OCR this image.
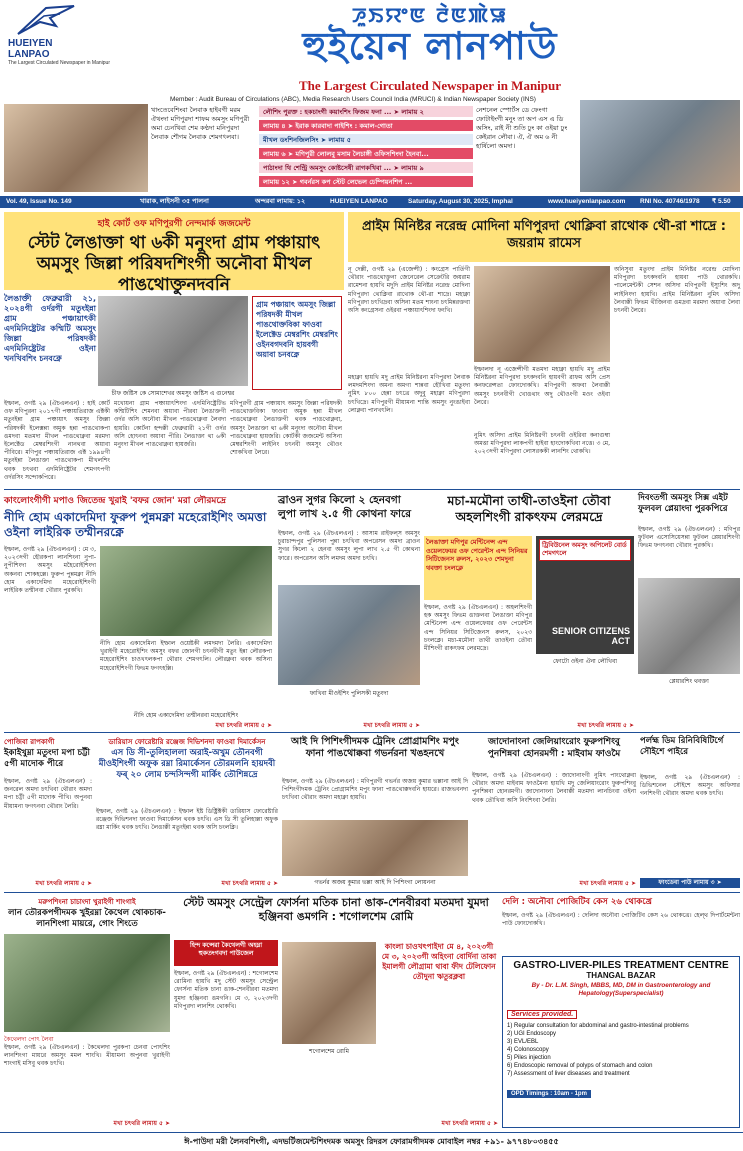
HUEIYEN
LANPAO
The Largest Circulated Newspaper in Manipur
ꯍꯨꯏꯌꯦꯟ ꯂꯥꯟꯄꯥꯎ
হুইয়েন লানপাউ
The Largest Circulated Newspaper in Manipur
Member : Audit Bureau of Circulations (ABC), Media Research Users Council India (MRUCI) & Indian Newspaper Society (INS)
খাংতেবেশিংবা লৈবাক হাইবগী মরম ঐথংদা মণিপুরদা শাফম অমসুং মণিপুরী অমা চেনখিবা শেম কণ্ঠদা মনিপুরদা লৈবাক শৌগম লৈবাক শেমগৎলবা।
লৌশিং পুরক্ত : হকচাংগী কয়াংশিং ফিজম ফনা ... ➤ লামায় ২
লামায় ৪ ➤ ইরাক কারবাদা পাইশিং : কমাল-গোতা
মীখল ডংশিনজিলসিং ➤ লামায় ৫
লামায় ৬ ➤ মণিপুরী লোলবু মসাম লৈচাঙ্গী ওফিসশিংদা হৈনবা...
পাঠাংদা থি শেন্ট্রি অমসুং কোষ্টসেষী রাগকখিবা ... ➤ লামায় ৯
লামায় ১২ ➤ গবর্নরস কপ স্টেট লেভেল চেম্পিয়নশিপ ...
নেশনেল স্পোর্টস ডে ফেংগা ফোটাইংগী মনুং তা অপ এস এ ডি অসিং, রাই নী শুতি ঢুং কা ওইয়া ঢুং কেইরান লৌবা। ঐ, ঐ অম ৬ নী হার্ষিলো অমদা।
Vol. 49, Issue No. 149	খারাক, লাইসনী ৩৫ পালনা	অন্দরবা লামায়: ১২	HUEIYEN LANPAO	Saturday, August 30, 2025, Imphal	www.hueiyenlanpao.com RNI No. 40746/1978 ₹ 5.50
হাই কোর্ট ওফ মণিপুরগী নেন্দমার্ক জজমেন্ট
স্টেট লৈঙাক্তা থা ৬কী মনুংদা গ্রাম পঞ্চায়াৎ অমসুং জিল্লা পরিষদশিংগী অনৌবা মীখল পাঙথোক্তুনদবনি
লৈঙাক্তী ফেব্রুৱারী ২১, ২০২৪গী ওর্দরগী মতুংইন্না গ্রাম পঞ্চায়াৎকী এদমিনিষ্ট্রেটর কম্মিটি অমসুং জিল্লা পরিষদকী এদমিনিষ্ট্রেটর ওইনা খনখিবশিং চনবক্নে
গ্রাম পঞ্চায়াৎ অমসুং জিল্লা পরিষদকী মীখল পাঙথোক্তবিকা ফাওবা ইলেক্টেড মেম্বরশিং মেম্বরশিং ওইনবগদবনি হায়বগী অয়াবা চনবক্নে
চীফ জষ্টিস কে সোমাশেখর অমসুং জষ্টিস এ গুনেশ্বর
ইম্ফাল, ওগষ্ট ২৯ (ঐচএলএন) : হাই কোর্ট ওফ মণিপুরনা ২০১৭গী পঞ্চায়তিরাজ এক্টকী মতুংইন্না গ্রাম পঞ্চায়াৎ অমসুং জিল্লা পরিষদকী ইলেক্সন্না অমুক হন্না পাঙথোকপা ঙমদবা মতমদা মীখল পাঙথোক্নবা মরমদা ইলেক্টেড মেম্বরশিংগী নানথবা অয়াবা পীবিরে। মণিপুর পঞ্চায়তিরাজ এক্ট ১৯৯৪গী মতুংইন্না লৈঙাক্তা পাঙথোকপা মীখলশিং থবক চৎথবা এদমিনিষ্ট্রেটর শেমগৎপগী ওর্দরসিং সন্দোকপিরে।
মখোয়না গ্রাম পঞ্চায়াৎশিংদা এদমিনিষ্ট্রেটিভ কম্মিটিশিং শেমনবা অয়াবা পীরবা লৈঙাক্তগী ওর্দর অসি অনৌবা মীখল পাঙথোক্নবা লৈবদা হায়রি। কোর্টনা হন্দক্কী ফেব্রুৱারী ২১গী ওর্দর অসি হোৎনবা অয়াবা পীরি। লৈঙাক্তা থা ৬কী মনুংদা মীখল পাঙথোক্নবা হায়জরি।
মণিপুরগী গ্রাম পঞ্চায়াৎ অমসুং জিল্লা পরিষদকী পাঙথোক্তবিকা ফাওবা অমুক হন্না মীখল পাঙথোক্নবা লৈঙাক্তগী থবক পাঙথোক্নবা, অমসুং লৈঙাক্তা থা ৬কী মনুংদা অনৌবা মীখল পাঙথোক্নবা হায়জরি। কোর্টকী জজমেন্ট অসিনা মেম্বরশিংগী লাইনিং চৎনবী অমসুং থৌওং শোকখিবা লৈরে।
প্রাইম মিনিষ্টর নরেন্দ্র মোদিনা মণিপুরদা থোক্লিবা রাথোক থৌ-রা শাদ্রে : জয়রাম রামেস
নূ দেল্লী, ওগষ্ট ২৯ (এজেন্সী) : কংগ্রেস পার্তিগী থৌরাং পাঙথোক্তুনা জেনেরেল সেক্রেটরি জয়রাম রামেশনা হায়খি মদুদি প্রাইম মিনিষ্টর নরেন্দ্র মোদিনা মণিপুরদা থোক্লিবা রাথোক থৌ-রা শাদ্রে। মহাক্না মণিপুরদা চৎখিদ্রবা অসিনা মতম শাংনা চৎমিন্নরক্তবা অসি কংগ্রেসনা ওইরবা পঞ্চায়াৎশিংদা ফংখি।
অনিসুবা মতুংদা প্রাইম মিনিষ্টর নরেন্দ্র মোদিনা মণিপুরদা চৎকদবনি হায়বা পাউ থোরকখি। পালেমেন্টকী সেশন অসিদা মণিপুরগী ইস্যুশিং অদু লাইনিংদা হায়খি। প্রাইম মিনিষ্টরনা নুমিৎ অসিদা লৈবাক্কী ফিভম থীজিনবা ঙমদ্রবা মরমদা অয়াবা লৈবা চৎনবী লৈরে।
মহাক্না হায়খি মদু প্রাইম মিনিষ্টরনা মণিপুরদা লৈবাক লমদমশিংদা অমনা অমগা শান্নবা হৌখিবা মতুংদা নুমিৎ ৮০০ হেন্না চৎখ্রে অদুবু মহাক্না মণিপুরদা চৎখিদ্রে। মণিপুরগী মীয়ামনা শান্তি অমসুং নুংঙাইবা লোক্নবা পানখৎলি।
ইম্ফালদা নূ এজেন্সীগী মতমদা মহাক্না হায়খি মদু প্রাইম মিনিষ্টরনা মণিপুরদা চৎকদবনি হায়বগী ৱাফম অসি প্রেস কনফরেন্সতা ফোংদোকখি। মণিপুরগী অফবা লৈবাক্কী অমসুং চৎনবীগী খোঙথাং অদু থৌওংগী মওং ওইবা লৈরে।
নুমিৎ অসিদা প্রাইম মিনিষ্টরগী চৎনবী ওইরিবা কনাগুম্বা অমত্তা মণিপুরদা লাকপগী হাইবা হাংদোকখিবা নত্তে। ৩ মে, ২০২৩দগী মণিপুরদা লোসরককী লানশিং থোকখি।
কাংলোংগীগী মপাও জিতেন্দ্র খুরাই 'বফর জোন' মরা লৌরমদ্রে
নীদি হোম একাদেমিদা ফুরুপ পুন্নমক্না মহেরোইশিং অমত্তা ওইনা লাইরিক তম্মীনরক্নে
ইম্ফাল, ওগষ্ট ২৯ (ঐচএলএন) : মে ৩, ২০২৩দগী হৌরকপা লানশিংনা নুপা-নুপীশিংদা অমসুং মহৈরোইশিংদা অকনবা শোকহল্লে। ফুরুপ পুন্নমক্না নীদি হোম একাদেমিদা মহেরোইশিংগী লাইরিক তম্মীনবা খৌরাং পুরকখি।
নীদি হোম একাদেমিনা ইম্ফাল ওয়েষ্টকী লমদমদা লৈরি। একাদেমিদা খুরাইগী মহেরোইশিং অমসুং বফর জোনগী চৎনবীগী মতুং ইন্না লৌরকপা মহেরোইশিং চাওখৎলকপা থৌরাং শেমগৎলি। লৌরক্নবা থবক অসিনা মহেরোইশিংগী ফিভম ফগৎহল্লি।
নীদি হোম একাদেমিদা তম্মীনরবা মহেরোইশিং
মখা চৎথরি লামায় ৫ ➤
ব্রাওন সুগর কিলো ২ হেনবগা লুপা লাখ ২.৫ গী কোথনা ফারে
ইম্ফাল, ওগষ্ট ২৯ (ঐচএলএন) : আসাম রাইফল্স অমসুং চুরাচান্দপুর পুলিসনা পুন্না চৎখিবা অপরেসন অমদা ব্রাওন সুগর কিলো ২ হেনবা অমসুং লুপা লাখ ২.৫ গী কোথনা ফারে। অপরেসন অসি লমদম অমদা চৎখি।
ফাখিবা মীওইশিং পুলিসকী মতুংদা
মখা চৎথরি লামায় ৫ ➤
মচা-মমৌনা তাথী-তাওইনা তৌবা অহলশিংগী রাকৎফম লেরমদ্রে
লৈঙাক্তা মণিপুর মেন্টিনেন্স এন্দ ওয়েলফেয়র ওফ পেরেন্টস এন্দ সিনিয়র সিটিজেনস রুলস, ২০২৩ শেমদুনা থবক্তা চংলক্লে
ট্রিবিউনেল অমসুং অপিলেট বোর্ড শেমগৎলে
SENIOR CITIZENS ACT
ইম্ফাল, ওগষ্ট ২৯ (ঐচএলএন) : অহলশিংগী হক অমসুং ফিভম ঙাক্তনবা লৈঙাক্তা মণিপুর মেন্টিনেন্স এন্দ ওয়েলফেয়র ওফ পেরেন্টস এন্দ সিনিয়র সিটিজেনস রুলস, ২০২৩ চংলক্লে। মচা-মমৌনা তাথী তাওইনা তৌবা মীশিংগী রাকৎফম লেরমদ্রে।
ফোটো ওইনা ঐনা লৌখিবা
মখা চৎথরি লামায় ৫ ➤
দিবংতগী অমসুং সিক্স এইট ফুলবল প্লেয়াংদা পুরকপিরে
ইম্ফাল, ওগষ্ট ২৯ (ঐচএলএন) : মণিপুর ফুটবল এসোসিয়েসন্না ফুটবল প্লেয়ারশিংগী ফিভম ফগৎনবা খৌরাং পুরকখি।
প্লেয়ারশিং থবক্তা
পোজিবা রাপকাগী
ইকাইখুম্না মতুংদা মপা চট্টী ৫গী মাদোক পীরে
ইম্ফাল, ওগষ্ট ২৯ (ঐচএলএন) : জনরেল অমদা চৎখিবা থৌরাং অমদা মপা চট্টী ৫গী মাদোক পীখি। অপুনবা মীয়ামনা ফগৎনবা থৌরাং লৈরি।
মখা চৎথরি লামায় ৫ ➤
ডারিয়াস ফোরেষ্টারি রঞ্জেজ দিভিশনদা ফাওবা দিমার্কেসন
এস ডি সী-তুলিহাললা অরাই-অখুম তৌনবগী মীওইশিংগী অফুক রম্না রিমার্কেসন তৌরমলনি হায়দবী ফৰ্ ২০ লোম চন্দসিন্দগী মার্কিং তৌশিন্নদ্রে
ইম্ফাল, ওগষ্ট ২৯ (ঐচএলএন) : ইম্ফাল ইষ্ট ডিষ্ট্রিক্টকী ডারিয়াস ফোরেষ্টারি রঞ্জেজ দিভিশনদা ফাওবা দিমার্কেসন থবক চৎখি। এস ডি সী তুলিহাল্লা অফুক রম্না মার্কিং থবক চৎখি। লৈঙাক্কী মতুংইন্না থবক অসি চংলক্লি।
মখা চৎথরি লামায় ৫ ➤
আই দি পিশিংগীদমক ট্রেনিং প্রোগ্রামশিং মপুং ফানা পাঙথোক্কবা গভর্নরনা খঙহনখে
ইম্ফাল, ওগষ্ট ২৯ (ঐচএলএন) : মণিপুরগী গভর্নর অজয় কুমার ভল্লানা আই দি পিশিংগীদমক ট্রেনিং প্রোগ্রামশিং মপুং ফানা পাঙথোক্কদবনি হায়রে। রাজভবনদা চৎখিবা থৌরাং অমদা মহাক্না হায়খি।
গভর্নর অজয় কুমার ভল্লা আই দি পিশিংগা লোয়ননা
জাদোনাংনা জেলিয়াংরোং ফুরুপশিংবু পুনশিন্নবা হোনরমগী : মাইবাম ফাওমৈ
ইম্ফাল, ওগষ্ট ২৯ (ঐচএলএন) : জাদোনাংগী নুমিৎ পাংথোক্নবা থৌরাং অমদা মাইবাম ফাওমৈনা হায়খি মদু জেলিয়াংরোং ফুরুপশিংবু পুনশিন্নবা হোনরমগী। জাদোনাংনা লৈবাক্কী মতমদা লানচিংবা ওইনা থবক তৌখিবা অসি নিংশিংবা লৈরি।
মখা চৎথরি লামায় ৫ ➤
পর্লহ্ম ডিম রিনিবিষিটির্গে সৌইশে পাইরে
ইম্ফাল, ওগষ্ট ২৯ (ঐচএলএন) : ডিভিশনেল সৌইশে অমসুং অফিসার গনশিংগী থৌরাং অমদা থবক চৎখি।
ফাংডেবা পাউ লামায় ৩ ➤
মরুপশিংনা চাচাংদা খুরাইগী শাংগাই
লান তৌরকপগীদমক খুইরম্না কৈথেল থোকচাক-লানশিংগা মায়রে, গোং শিংতে
কৈথেলদা পোৎ লৈবা
ইম্ফাল, ওগষ্ট ২৯ (ঐচএলএন) : কৈথেলদা পুরকপা চেনবা পোৎশিং লানশিংগা মায়রে অমসুং মমল শাংখি। মীয়ামনা অপুনবা খুরাইগী শাংগাই মসিবু থবক চৎখি।
মখা চৎথরি লামায় ৫ ➤
স্টেট অমসুং সেন্ট্রেল ফোর্সনা মতিক চানা ঙাক-শেনবীরবা মতমদা যুমদা হঞ্জিনবা ঙমগনি : শগোলশেম রোমি
হিন্দ কন্সেরা কৈথেলগী অহম্না হুকতংগবদা পাউজেল
ইম্ফাল, ওগষ্ট ২৯ (ঐচএলএন) : শগোলশেম রোমিনা হায়খি মদু স্টেট অমসুং সেন্ট্রেল ফোর্সনা মতিক চানা ঙাক-শেনবীরবা মতমদা যুমদা হঞ্জিনবা ঙমগনি। মে ৩, ২০২৩দগী মণিপুরদা লানশিং থোকখি।
শগোলশেম রোমি
কাংলা চাওখৎপাইদা মে ৪, ২০২৩গী মে ৩, ২০২৩গী অহিংনা বোর্দিনা তাকা ইমালগী লৌগ্ৰামা থাবা ফীদ টেলিফোন তৌদুনা ঋতুরক্লবা
মখা চৎথরি লামায় ৫ ➤
দেলি : অনৌবা পোজিটিব কেস ২৬ থোকখ্রে
ইম্ফাল, ওগষ্ট ২৯ (ঐচএলএন) : দেলিদা অনৌবা পোজিটিব কেস ২৬ থোকখ্রে। হেল্থ দিপার্টমেন্টনা পাউ ফোংদোকখি।
GASTRO-LIVER-PILES TREATMENT CENTRE
THANGAL BAZAR
By - Dr. L.M. Singh, MBBS, MD, DM in Gastroenterology and Hepatology(Superspecialist)
Services provided.
1) Regular consultation for abdominal and gastro-intestinal problems
2) UGI Endoscopy
3) EVL/EBL
4) Colonoscopy
5) Piles injection
6) Endoscopic removal of polyps of stomach and colon
7) Assessment of liver diseases and treatment
OPD Timings : 10am - 1pm
ঈ-পাউদা মরী লৈনবশিংগী, এদভর্টিজমেন্টশিংদমক অমসুং রিদরস ফোরামগীদমক মোবাইল নম্বর +৯১- ৯৭৭৪৮০৩৪৫৫
